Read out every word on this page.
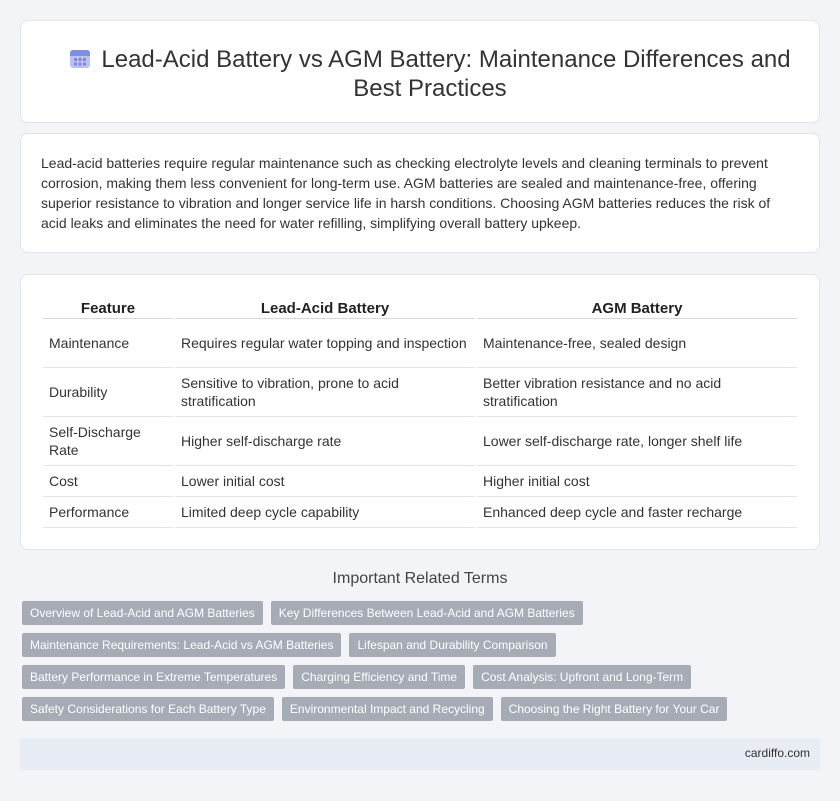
Lead-Acid Battery vs AGM Battery: Maintenance Differences and Best Practices

Lead-acid batteries require regular maintenance such as checking electrolyte levels and cleaning terminals to prevent corrosion, making them less convenient for long-term use. AGM batteries are sealed and maintenance-free, offering superior resistance to vibration and longer service life in harsh conditions. Choosing AGM batteries reduces the risk of acid leaks and eliminates the need for water refilling, simplifying overall battery upkeep.

Feature	Lead-Acid Battery	AGM Battery
Maintenance	Requires regular water topping and inspection	Maintenance-free, sealed design
Durability	Sensitive to vibration, prone to acid stratification	Better vibration resistance and no acid stratification
Self-Discharge Rate	Higher self-discharge rate	Lower self-discharge rate, longer shelf life
Cost	Lower initial cost	Higher initial cost
Performance	Limited deep cycle capability	Enhanced deep cycle and faster recharge
Important Related Terms
Overview of Lead-Acid and AGM Batteries	Key Differences Between Lead-Acid and AGM Batteries
Maintenance Requirements: Lead-Acid vs AGM Batteries	Lifespan and Durability Comparison
Battery Performance in Extreme Temperatures	Charging Efficiency and Time	Cost Analysis: Upfront and Long-Term
Safety Considerations for Each Battery Type	Environmental Impact and Recycling	Choosing the Right Battery for Your Car
cardiffo.com
